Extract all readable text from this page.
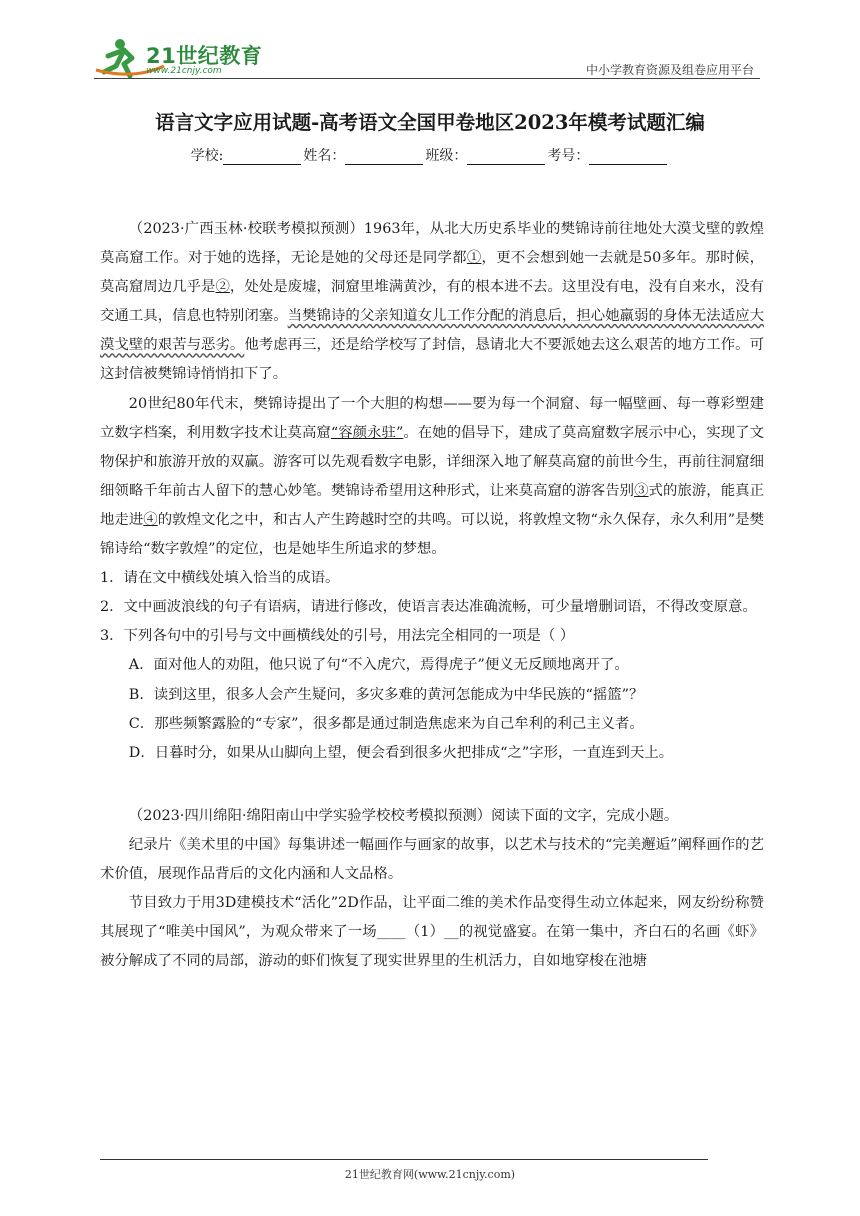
21世纪教育
www.21cnjy.com	中小学教育资源及组卷应用平台
语言文字应用试题-高考语文全国甲卷地区2023年模考试题汇编
学校:	姓名：	班级：	考号：

（2023·广西玉林·校联考模拟预测）1963年，从北大历史系毕业的樊锦诗前往地处大漠戈壁的敦煌莫高窟工作。对于她的选择，无论是她的父母还是同学都①，更不会想到她一去就是50多年。那时候，莫高窟周边几乎是②，处处是废墟，洞窟里堆满黄沙，有的根本进不去。这里没有电，没有自来水，没有交通工具，信息也特别闭塞。当樊锦诗的父亲知道女儿工作分配的消息后，担心她羸弱的身体无法适应大漠戈壁的艰苦与恶劣。他考虑再三，还是给学校写了封信，恳请北大不要派她去这么艰苦的地方工作。可这封信被樊锦诗悄悄扣下了。

20世纪80年代末，樊锦诗提出了一个大胆的构想——要为每一个洞窟、每一幅壁画、每一尊彩塑建立数字档案，利用数字技术让莫高窟“容颜永驻”。在她的倡导下，建成了莫高窟数字展示中心，实现了文物保护和旅游开放的双赢。游客可以先观看数字电影，详细深入地了解莫高窟的前世今生，再前往洞窟细细领略千年前古人留下的慧心妙笔。樊锦诗希望用这种形式，让来莫高窟的游客告别③式的旅游，能真正地走进④的敦煌文化之中，和古人产生跨越时空的共鸣。可以说，将敦煌文物“永久保存，永久利用”是樊锦诗给“数字敦煌”的定位，也是她毕生所追求的梦想。

1．请在文中横线处填入恰当的成语。

2．文中画波浪线的句子有语病，请进行修改，使语言表达准确流畅，可少量增删词语，不得改变原意。

3．下列各句中的引号与文中画横线处的引号，用法完全相同的一项是（ ）

A．面对他人的劝阻，他只说了句“不入虎穴，焉得虎子”便义无反顾地离开了。

B．读到这里，很多人会产生疑问，多灾多难的黄河怎能成为中华民族的“摇篮”？

C．那些频繁露脸的“专家”，很多都是通过制造焦虑来为自己牟利的利己主义者。

D．日暮时分，如果从山脚向上望，便会看到很多火把排成“之”字形，一直连到天上。

（2023·四川绵阳·绵阳南山中学实验学校校考模拟预测）阅读下面的文字，完成小题。

纪录片《美术里的中国》每集讲述一幅画作与画家的故事，以艺术与技术的“完美邂逅”阐释画作的艺术价值，展现作品背后的文化内涵和人文品格。

节目致力于用3D建模技术“活化”2D作品，让平面二维的美术作品变得生动立体起来，网友纷纷称赞其展现了“唯美中国风”，为观众带来了一场____（1）__的视觉盛宴。在第一集中，齐白石的名画《虾》被分解成了不同的局部，游动的虾们恢复了现实世界里的生机活力，自如地穿梭在池塘

21世纪教育网(www.21cnjy.com)
